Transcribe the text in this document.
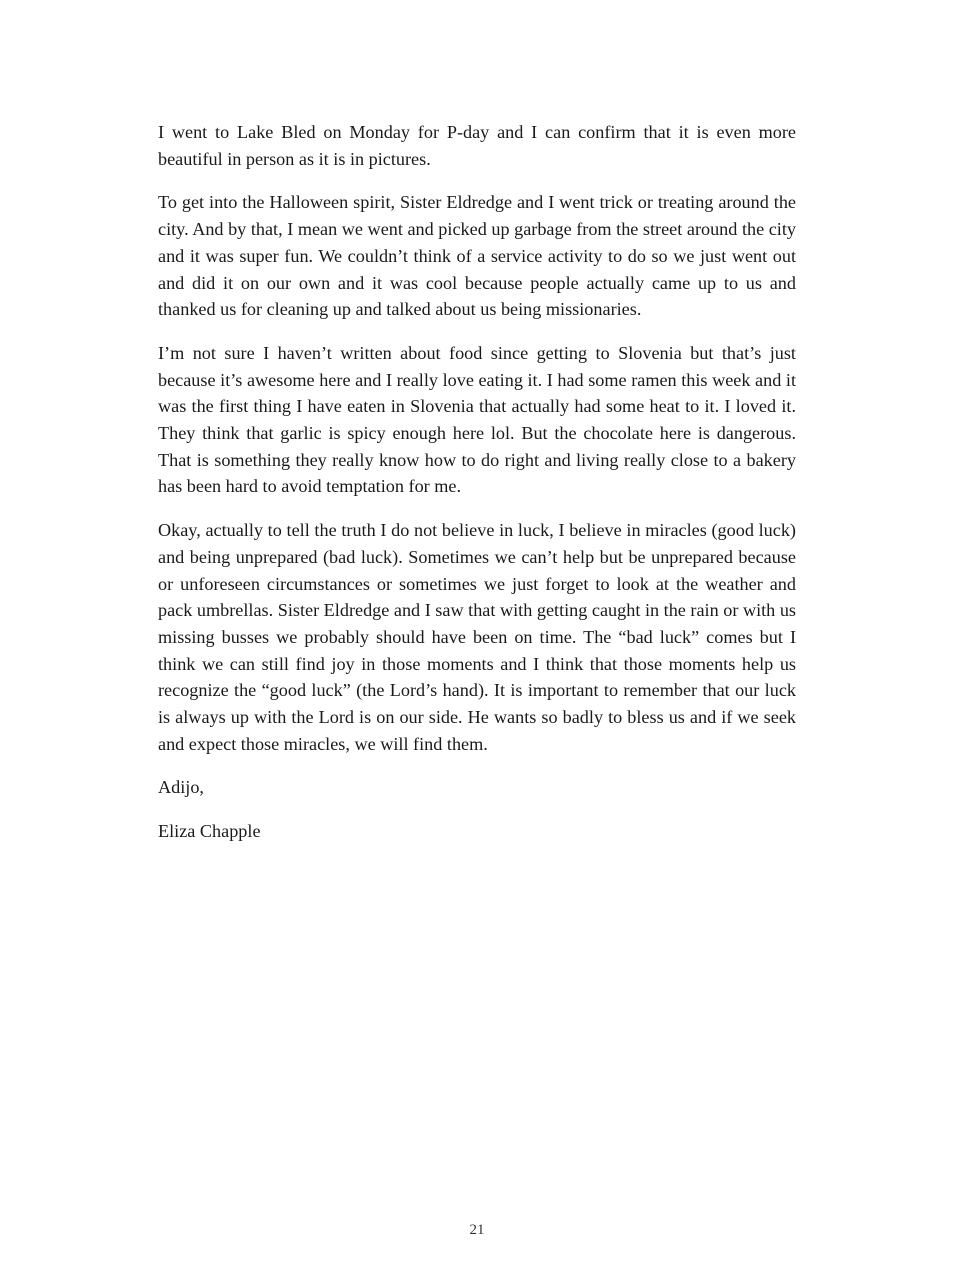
I went to Lake Bled on Monday for P-day and I can confirm that it is even more beautiful in person as it is in pictures.

To get into the Halloween spirit, Sister Eldredge and I went trick or treating around the city. And by that, I mean we went and picked up garbage from the street around the city and it was super fun. We couldn’t think of a service activity to do so we just went out and did it on our own and it was cool because people actually came up to us and thanked us for cleaning up and talked about us being missionaries.

I’m not sure I haven’t written about food since getting to Slovenia but that’s just because it’s awesome here and I really love eating it. I had some ramen this week and it was the first thing I have eaten in Slovenia that actually had some heat to it. I loved it. They think that garlic is spicy enough here lol. But the chocolate here is dangerous. That is something they really know how to do right and living really close to a bakery has been hard to avoid temptation for me.

Okay, actually to tell the truth I do not believe in luck, I believe in miracles (good luck) and being unprepared (bad luck). Sometimes we can’t help but be unprepared because or unforeseen circumstances or sometimes we just forget to look at the weather and pack umbrellas. Sister Eldredge and I saw that with getting caught in the rain or with us missing busses we probably should have been on time. The “bad luck” comes but I think we can still find joy in those moments and I think that those moments help us recognize the “good luck” (the Lord’s hand). It is important to remember that our luck is always up with the Lord is on our side. He wants so badly to bless us and if we seek and expect those miracles, we will find them.

Adijo,

Eliza Chapple

21
